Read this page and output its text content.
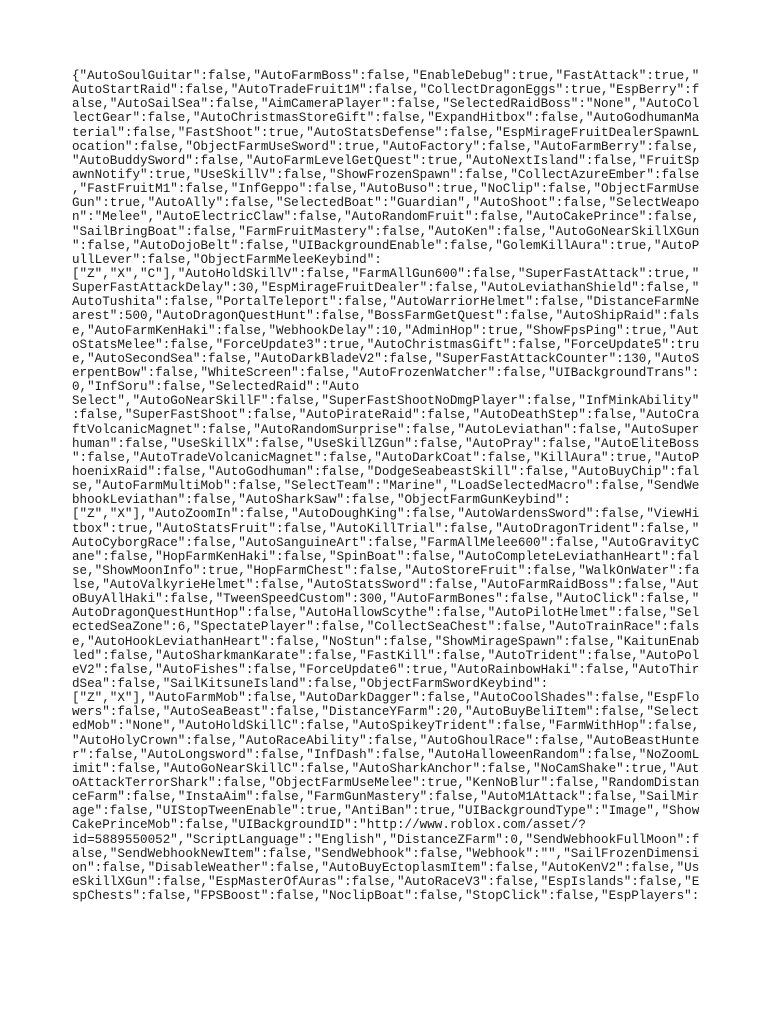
{"AutoSoulGuitar":false,"AutoFarmBoss":false,"EnableDebug":true,"FastAttack":true,"
AutoStartRaid":false,"AutoTradeFruit1M":false,"CollectDragonEggs":true,"EspBerry":f
alse,"AutoSailSea":false,"AimCameraPlayer":false,"SelectedRaidBoss":"None","AutoCol
lectGear":false,"AutoChristmasStoreGift":false,"ExpandHitbox":false,"AutoGodhumanMa
terial":false,"FastShoot":true,"AutoStatsDefense":false,"EspMirageFruitDealerSpawnL
ocation":false,"ObjectFarmUseSword":true,"AutoFactory":false,"AutoFarmBerry":false,
"AutoBuddySword":false,"AutoFarmLevelGetQuest":true,"AutoNextIsland":false,"FruitSp
awnNotify":true,"UseSkillV":false,"ShowFrozenSpawn":false,"CollectAzureEmber":false
,"FastFruitM1":false,"InfGeppo":false,"AutoBuso":true,"NoClip":false,"ObjectFarmUse
Gun":true,"AutoAlly":false,"SelectedBoat":"Guardian","AutoShoot":false,"SelectWeapo
n":"Melee","AutoElectricClaw":false,"AutoRandomFruit":false,"AutoCakePrince":false,
"SailBringBoat":false,"FarmFruitMastery":false,"AutoKen":false,"AutoGoNearSkillXGun
":false,"AutoDojoBelt":false,"UIBackgroundEnable":false,"GolemKillAura":true,"AutoP
ullLever":false,"ObjectFarmMeleeKeybind":
["Z","X","C"],"AutoHoldSkillV":false,"FarmAllGun600":false,"SuperFastAttack":true,"
SuperFastAttackDelay":30,"EspMirageFruitDealer":false,"AutoLeviathanShield":false,"
AutoTushita":false,"PortalTeleport":false,"AutoWarriorHelmet":false,"DistanceFarmNe
arest":500,"AutoDragonQuestHunt":false,"BossFarmGetQuest":false,"AutoShipRaid":fals
e,"AutoFarmKenHaki":false,"WebhookDelay":10,"AdminHop":true,"ShowFpsPing":true,"Aut
oStatsMelee":false,"ForceUpdate3":true,"AutoChristmasGift":false,"ForceUpdate5":tru
e,"AutoSecondSea":false,"AutoDarkBladeV2":false,"SuperFastAttackCounter":130,"AutoS
erpentBow":false,"WhiteScreen":false,"AutoFrozenWatcher":false,"UIBackgroundTrans":
0,"InfSoru":false,"SelectedRaid":"Auto
Select","AutoGoNearSkillF":false,"SuperFastShootNoDmgPlayer":false,"InfMinkAbility"
:false,"SuperFastShoot":false,"AutoPirateRaid":false,"AutoDeathStep":false,"AutoCra
ftVolcanicMagnet":false,"AutoRandomSurprise":false,"AutoLeviathan":false,"AutoSuper
human":false,"UseSkillX":false,"UseSkillZGun":false,"AutoPray":false,"AutoEliteBoss
":false,"AutoTradeVolcanicMagnet":false,"AutoDarkCoat":false,"KillAura":true,"AutoP
hoenixRaid":false,"AutoGodhuman":false,"DodgeSeabeastSkill":false,"AutoBuyChip":fal
se,"AutoFarmMultiMob":false,"SelectTeam":"Marine","LoadSelectedMacro":false,"SendWe
bhookLeviathan":false,"AutoSharkSaw":false,"ObjectFarmGunKeybind":
["Z","X"],"AutoZoomIn":false,"AutoDoughKing":false,"AutoWardensSword":false,"ViewHi
tbox":true,"AutoStatsFruit":false,"AutoKillTrial":false,"AutoDragonTrident":false,"
AutoCyborgRace":false,"AutoSanguineArt":false,"FarmAllMelee600":false,"AutoGravityC
ane":false,"HopFarmKenHaki":false,"SpinBoat":false,"AutoCompleteLeviathanHeart":fal
se,"ShowMoonInfo":true,"HopFarmChest":false,"AutoStoreFruit":false,"WalkOnWater":fa
lse,"AutoValkyrieHelmet":false,"AutoStatsSword":false,"AutoFarmRaidBoss":false,"Aut
oBuyAllHaki":false,"TweenSpeedCustom":300,"AutoFarmBones":false,"AutoClick":false,"
AutoDragonQuestHuntHop":false,"AutoHallowScythe":false,"AutoPilotHelmet":false,"Sel
ectedSeaZone":6,"SpectatePlayer":false,"CollectSeaChest":false,"AutoTrainRace":fals
e,"AutoHookLeviathanHeart":false,"NoStun":false,"ShowMirageSpawn":false,"KaitunEnab
led":false,"AutoSharkmanKarate":false,"FastKill":false,"AutoTrident":false,"AutoPol
eV2":false,"AutoFishes":false,"ForceUpdate6":true,"AutoRainbowHaki":false,"AutoThir
dSea":false,"SailKitsuneIsland":false,"ObjectFarmSwordKeybind":
["Z","X"],"AutoFarmMob":false,"AutoDarkDagger":false,"AutoCoolShades":false,"EspFlo
wers":false,"AutoSeaBeast":false,"DistanceYFarm":20,"AutoBuyBeliItem":false,"Select
edMob":"None","AutoHoldSkillC":false,"AutoSpikeyTrident":false,"FarmWithHop":false,
"AutoHolyCrown":false,"AutoRaceAbility":false,"AutoGhoulRace":false,"AutoBeastHunte
r":false,"AutoLongsword":false,"InfDash":false,"AutoHalloweenRandom":false,"NoZoomL
imit":false,"AutoGoNearSkillC":false,"AutoSharkAnchor":false,"NoCamShake":true,"Aut
oAttackTerrorShark":false,"ObjectFarmUseMelee":true,"KenNoBlur":false,"RandomDistan
ceFarm":false,"InstaAim":false,"FarmGunMastery":false,"AutoM1Attack":false,"SailMir
age":false,"UIStopTweenEnable":true,"AntiBan":true,"UIBackgroundType":"Image","Show
CakePrinceMob":false,"UIBackgroundID":"http://www.roblox.com/asset/?
id=5889550052","ScriptLanguage":"English","DistanceZFarm":0,"SendWebhookFullMoon":f
alse,"SendWebhookNewItem":false,"SendWebhook":false,"Webhook":"","SailFrozenDimensi
on":false,"DisableWeather":false,"AutoBuyEctoplasmItem":false,"AutoKenV2":false,"Us
eSkillXGun":false,"EspMasterOfAuras":false,"AutoRaceV3":false,"EspIslands":false,"E
spChests":false,"FPSBoost":false,"NoclipBoat":false,"StopClick":false,"EspPlayers":
